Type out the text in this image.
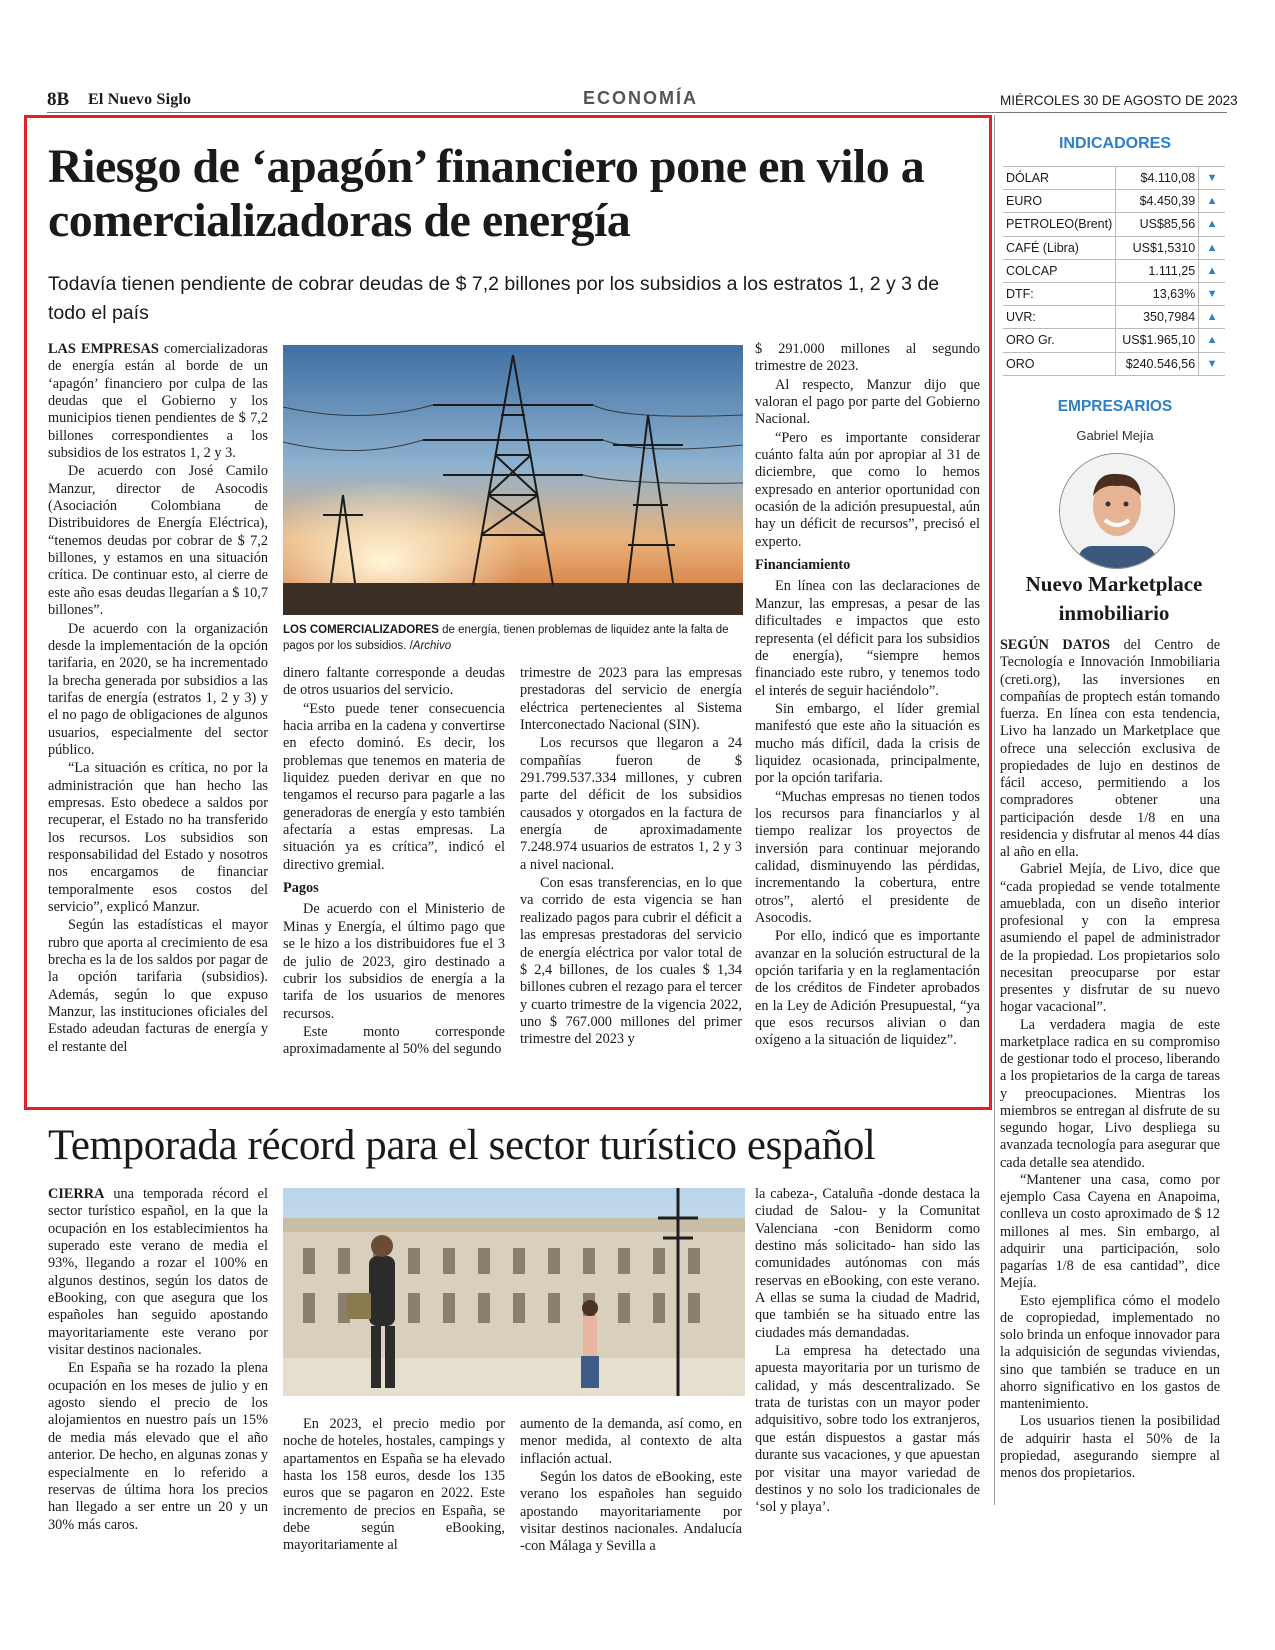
8B El Nuevo Siglo	ECONOMÍA	MIÉRCOLES 30 DE AGOSTO DE 2023
Riesgo de ‘apagón’ financiero pone en vilo a comercializadoras de energía
Todavía tienen pendiente de cobrar deudas de $ 7,2 billones por los subsidios a los estratos 1, 2 y 3 de todo el país

LAS EMPRESAS comercializadoras de energía están al borde de un ‘apagón’ financiero por culpa de las deudas que el Gobierno y los municipios tienen pendientes de $ 7,2 billones correspondientes a los subsidios de los estratos 1, 2 y 3.

De acuerdo con José Camilo Manzur, director de Asocodis (Asociación Colombiana de Distribuidores de Energía Eléctrica), “tenemos deudas por cobrar de $ 7,2 billones, y estamos en una situación crítica. De continuar esto, al cierre de este año esas deudas llegarían a $ 10,7 billones”.

De acuerdo con la organización desde la implementación de la opción tarifaria, en 2020, se ha incrementado la brecha generada por subsidios a las tarifas de energía (estratos 1, 2 y 3) y el no pago de obligaciones de algunos usuarios, especialmente del sector público.

“La situación es crítica, no por la administración que han hecho las empresas. Esto obedece a saldos por recuperar, el Estado no ha transferido los recursos. Los subsidios son responsabilidad del Estado y nosotros nos encargamos de financiar temporalmente esos costos del servicio”, explicó Manzur.

Según las estadísticas el mayor rubro que aporta al crecimiento de esa brecha es la de los saldos por pagar de la opción tarifaria (subsidios). Además, según lo que expuso Manzur, las instituciones oficiales del Estado adeudan facturas de energía y el restante del

LOS COMERCIALIZADORES de energía, tienen problemas de liquidez ante la falta de pagos por los subsidios. /Archivo

dinero faltante corresponde a deudas de otros usuarios del servicio.

“Esto puede tener consecuencia hacia arriba en la cadena y convertirse en efecto dominó. Es decir, los problemas que tenemos en materia de liquidez pueden derivar en que no tengamos el recurso para pagarle a las generadoras de energía y esto también afectaría a estas empresas. La situación ya es crítica”, indicó el directivo gremial.

Pagos

De acuerdo con el Ministerio de Minas y Energía, el último pago que se le hizo a los distribuidores fue el 3 de julio de 2023, giro destinado a cubrir los subsidios de energía a la tarifa de los usuarios de menores recursos.

Este monto corresponde aproximadamente al 50% del segundo

trimestre de 2023 para las empresas prestadoras del servicio de energía eléctrica pertenecientes al Sistema Interconectado Nacional (SIN).

Los recursos que llegaron a 24 compañías fueron de $ 291.799.537.334 millones, y cubren parte del déficit de los subsidios causados y otorgados en la factura de energía de aproximadamente 7.248.974 usuarios de estratos 1, 2 y 3 a nivel nacional.

Con esas transferencias, en lo que va corrido de esta vigencia se han realizado pagos para cubrir el déficit a las empresas prestadoras del servicio de energía eléctrica por valor total de $ 2,4 billones, de los cuales $ 1,34 billones cubren el rezago para el tercer y cuarto trimestre de la vigencia 2022, uno $ 767.000 millones del primer trimestre del 2023 y

$ 291.000 millones al segundo trimestre de 2023.

Al respecto, Manzur dijo que valoran el pago por parte del Gobierno Nacional.

“Pero es importante considerar cuánto falta aún por apropiar al 31 de diciembre, que como lo hemos expresado en anterior oportunidad con ocasión de la adición presupuestal, aún hay un déficit de recursos”, precisó el experto.

Financiamiento

En línea con las declaraciones de Manzur, las empresas, a pesar de las dificultades e impactos que esto representa (el déficit para los subsidios de energía), “siempre hemos financiado este rubro, y tenemos todo el interés de seguir haciéndolo”.

Sin embargo, el líder gremial manifestó que este año la situación es mucho más difícil, dada la crisis de liquidez ocasionada, principalmente, por la opción tarifaria.

“Muchas empresas no tienen todos los recursos para financiarlos y al tiempo realizar los proyectos de inversión para continuar mejorando calidad, disminuyendo las pérdidas, incrementando la cobertura, entre otros”, alertó el presidente de Asocodis.

Por ello, indicó que es importante avanzar en la solución estructural de la opción tarifaria y en la reglamentación de los créditos de Findeter aprobados en la Ley de Adición Presupuestal, “ya que esos recursos alivian o dan oxígeno a la situación de liquidez”.

Temporada récord para el sector turístico español

CIERRA una temporada récord el sector turístico español, en la que la ocupación en los establecimientos ha superado este verano de media el 93%, llegando a rozar el 100% en algunos destinos, según los datos de eBooking, con que asegura que los españoles han seguido apostando mayoritariamente este verano por visitar destinos nacionales.

En España se ha rozado la plena ocupación en los meses de julio y en agosto siendo el precio de los alojamientos en nuestro país un 15% de media más elevado que el año anterior. De hecho, en algunas zonas y especialmente en lo referido a reservas de última hora los precios han llegado a ser entre un 20 y un 30% más caros.

En 2023, el precio medio por noche de hoteles, hostales, campings y apartamentos en España se ha elevado hasta los 158 euros, desde los 135 euros que se pagaron en 2022. Este incremento de precios en España, se debe según eBooking, mayoritariamente al

aumento de la demanda, así como, en menor medida, al contexto de alta inflación actual.

Según los datos de eBooking, este verano los españoles han seguido apostando mayoritariamente por visitar destinos nacionales. Andalucía -con Málaga y Sevilla a

la cabeza-, Cataluña -donde destaca la ciudad de Salou- y la Comunitat Valenciana -con Benidorm como destino más solicitado- han sido las comunidades autónomas con más reservas en eBooking, con este verano. A ellas se suma la ciudad de Madrid, que también se ha situado entre las ciudades más demandadas.

La empresa ha detectado una apuesta mayoritaria por un turismo de calidad, y más descentralizado. Se trata de turistas con un mayor poder adquisitivo, sobre todo los extranjeros, que están dispuestos a gastar más durante sus vacaciones, y que apuestan por visitar una mayor variedad de destinos y no solo los tradicionales de ‘sol y playa’.

INDICADORES
DÓLAR	$4.110,08	▼
EURO	$4.450,39	▲
PETROLEO(Brent)	US$85,56	▲
CAFÉ (Libra)	US$1,5310	▲
COLCAP	1.111,25	▲
DTF:	13,63%	▼
UVR:	350,7984	▲
ORO Gr.	US$1.965,10	▲
ORO	$240.546,56	▼
EMPRESARIOS
Gabriel Mejía
Nuevo Marketplace inmobiliario

SEGÚN DATOS del Centro de Tecnología e Innovación Inmobiliaria (creti.org), las inversiones en compañías de proptech están tomando fuerza. En línea con esta tendencia, Livo ha lanzado un Marketplace que ofrece una selección exclusiva de propiedades de lujo en destinos de fácil acceso, permitiendo a los compradores obtener una participación desde 1/8 en una residencia y disfrutar al menos 44 días al año en ella.

Gabriel Mejía, de Livo, dice que “cada propiedad se vende totalmente amueblada, con un diseño interior profesional y con la empresa asumiendo el papel de administrador de la propiedad. Los propietarios solo necesitan preocuparse por estar presentes y disfrutar de su nuevo hogar vacacional”.

La verdadera magia de este marketplace radica en su compromiso de gestionar todo el proceso, liberando a los propietarios de la carga de tareas y preocupaciones. Mientras los miembros se entregan al disfrute de su segundo hogar, Livo despliega su avanzada tecnología para asegurar que cada detalle sea atendido.

“Mantener una casa, como por ejemplo Casa Cayena en Anapoima, conlleva un costo aproximado de $ 12 millones al mes. Sin embargo, al adquirir una participación, solo pagarías 1/8 de esa cantidad”, dice Mejía.

Esto ejemplifica cómo el modelo de copropiedad, implementado no solo brinda un enfoque innovador para la adquisición de segundas viviendas, sino que también se traduce en un ahorro significativo en los gastos de mantenimiento.

Los usuarios tienen la posibilidad de adquirir hasta el 50% de la propiedad, asegurando siempre al menos dos propietarios.
